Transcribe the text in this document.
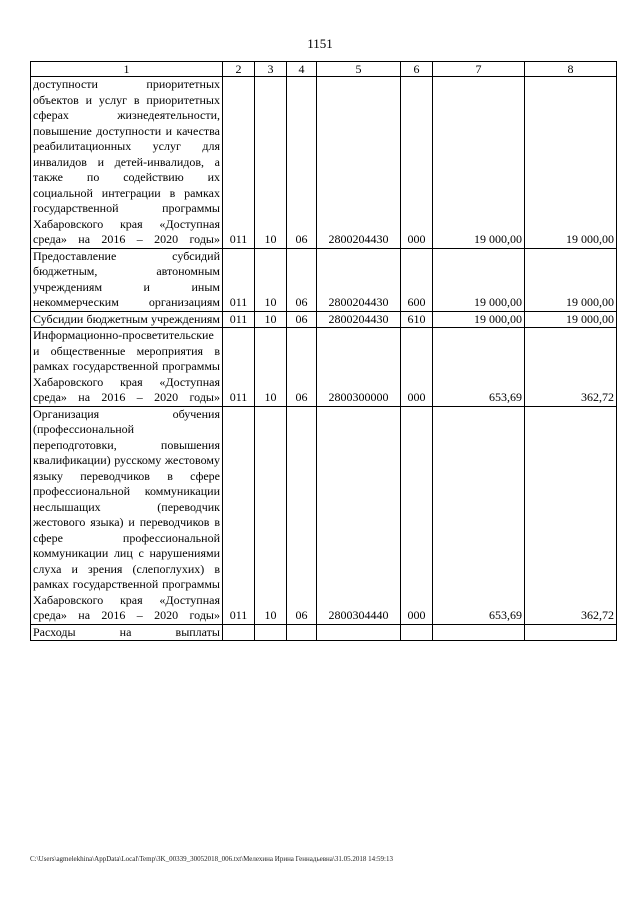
1151
1	2	3	4	5	6	7	8
доступности приоритетных объектов и услуг в приоритетных сферах жизнедеятельности, повышение доступности и качества реабилитационных услуг для инвалидов и детей-инвалидов, а также по содействию их социальной интеграции в рамках государственной программы Хабаровского края «Доступная среда» на 2016 – 2020 годы»	011	10	06	2800204430	000	19 000,00	19 000,00
Предоставление субсидий бюджетным, автономным учреждениям и иным некоммерческим организациям	011	10	06	2800204430	600	19 000,00	19 000,00
Субсидии бюджетным учреждениям	011	10	06	2800204430	610	19 000,00	19 000,00
Информационно-просветительские и общественные мероприятия в рамках государственной программы Хабаровского края «Доступная среда» на 2016 – 2020 годы»	011	10	06	2800300000	000	653,69	362,72
Организация обучения (профессиональной переподготовки, повышения квалификации) русскому жестовому языку переводчиков в сфере профессиональной коммуникации неслышащих (переводчик жестового языка) и переводчиков в сфере профессиональной коммуникации лиц с нарушениями слуха и зрения (слепоглухих) в рамках государственной программы Хабаровского края «Доступная среда» на 2016 – 2020 годы»	011	10	06	2800304440	000	653,69	362,72
Расходы на выплаты							
C:\Users\agmelekhina\AppData\Local\Temp\3K_00339_30052018_006.txt\Мелехина Ирина Геннадьевна\31.05.2018 14:59:13
